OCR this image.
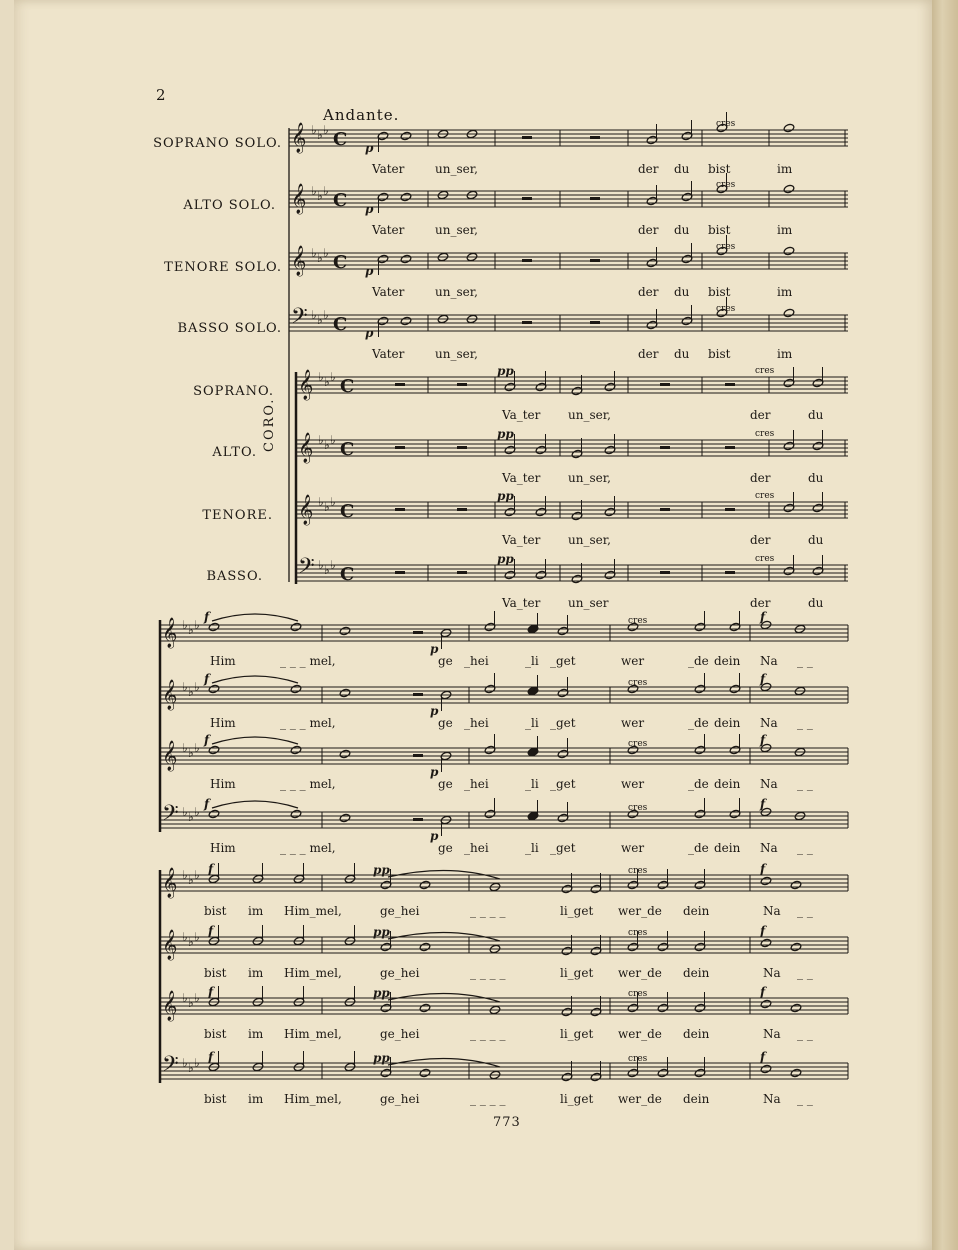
2
Andante.
SOPRANO SOLO.
ALTO SOLO.
TENORE SOLO.
BASSO SOLO.
SOPRANO.
ALTO.
TENORE.
BASSO.
CORO.
𝄞 ♭ ♭ ♭ C p
cres
Vater	un_ser,	der du bist	im
𝄞 ♭ ♭ ♭ C p
cres
Vater	un_ser,	der du bist	im
𝄞 ♭ ♭ ♭ C p
cres
Vater	un_ser,	der du bist	im
𝄢 ♭ ♭ ♭ C p
cres
Vater	un_ser,	der du bist	im
𝄞 ♭ ♭ ♭ C
pp	cres
Va_ter un_ser,	der	du
𝄞 ♭ ♭ ♭ C
pp	cres
Va_ter un_ser,	der	du
𝄞 ♭ ♭ ♭ C
pp	cres
Va_ter un_ser,	der	du
𝄢 ♭ ♭ ♭ C
pp	cres
Va_ter un_ser	der	du
𝄞 ♭ ♭ ♭
f
p
cres	f
Him	_ _ _ mel,	ge _hei	_li _get	wer	_de dein Na _ _
𝄞 ♭ ♭ ♭
f
p
cres	f
Him	_ _ _ mel,	ge _hei	_li _get	wer	_de dein Na _ _
𝄞 ♭ ♭ ♭
f
p
cres	f
Him	_ _ _ mel,	ge _hei	_li _get	wer	_de dein Na _ _
𝄢 ♭ ♭ ♭
f
p
cres	f
Him	_ _ _ mel,	ge _hei	_li _get	wer	_de dein Na _ _
𝄞 ♭ ♭ ♭ f	pp	cres	f
bist im Him_mel,	ge_hei	_ _ _ _	li_get wer_de dein	Na _ _
𝄞 ♭ ♭ ♭ f	pp	cres	f
bist im Him_mel,	ge_hei	_ _ _ _	li_get wer_de dein	Na _ _
𝄞 ♭ ♭ ♭ f	pp	cres	f
bist im Him_mel,	ge_hei	_ _ _ _	li_get wer_de dein	Na _ _
𝄢 ♭ ♭ ♭ f	pp	cres	f
bist im Him_mel,	ge_hei	_ _ _ _	li_get wer_de dein	Na _ _
773
